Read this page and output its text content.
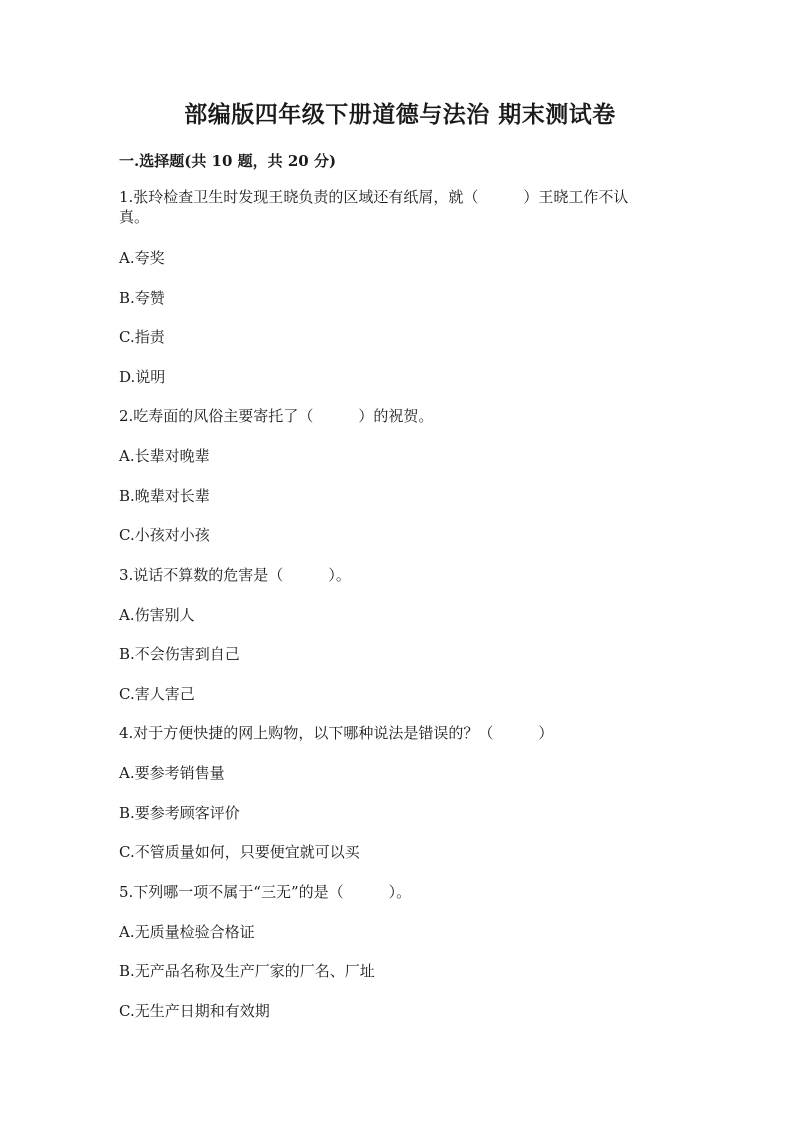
部编版四年级下册道德与法治 期末测试卷
一.选择题(共 10 题，共 20 分)
1.张玲检查卫生时发现王晓负责的区域还有纸屑，就（　　　）王晓工作不认
真。
A.夸奖
B.夸赞
C.指责
D.说明
2.吃寿面的风俗主要寄托了（　　　）的祝贺。
A.长辈对晚辈
B.晚辈对长辈
C.小孩对小孩
3.说话不算数的危害是（　　　）。
A.伤害别人
B.不会伤害到自己
C.害人害己
4.对于方便快捷的网上购物，以下哪种说法是错误的？（　　　）
A.要参考销售量
B.要参考顾客评价
C.不管质量如何，只要便宜就可以买
5.下列哪一项不属于“三无”的是（　　　）。
A.无质量检验合格证
B.无产品名称及生产厂家的厂名、厂址
C.无生产日期和有效期
